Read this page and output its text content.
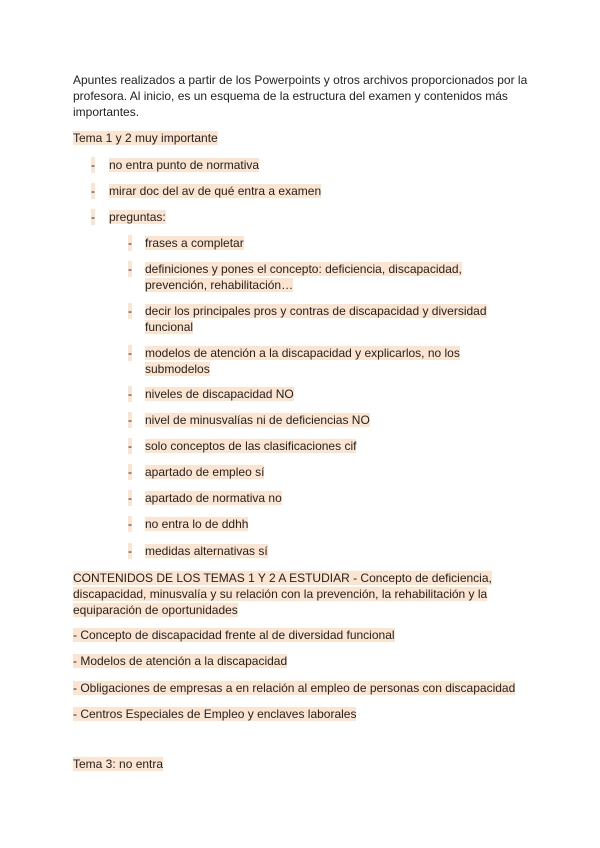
Apuntes realizados a partir de los Powerpoints y otros archivos proporcionados por la profesora. Al inicio, es un esquema de la estructura del examen y contenidos más importantes.

Tema 1 y 2 muy importante

- no entra punto de normativa
- mirar doc del av de qué entra a examen
- preguntas:
- frases a completar
- definiciones y pones el concepto: deficiencia, discapacidad, prevención, rehabilitación…
- decir los principales pros y contras de discapacidad y diversidad funcional
- modelos de atención a la discapacidad y explicarlos, no los submodelos
- niveles de discapacidad NO
- nivel de minusvalías ni de deficiencias NO
- solo conceptos de las clasificaciones cif
- apartado de empleo sí
- apartado de normativa no
- no entra lo de ddhh
- medidas alternativas sí

CONTENIDOS DE LOS TEMAS 1 Y 2 A ESTUDIAR - Concepto de deficiencia, discapacidad, minusvalía y su relación con la prevención, la rehabilitación y la equiparación de oportunidades

- Concepto de discapacidad frente al de diversidad funcional

- Modelos de atención a la discapacidad

- Obligaciones de empresas a en relación al empleo de personas con discapacidad

- Centros Especiales de Empleo y enclaves laborales

Tema 3: no entra
